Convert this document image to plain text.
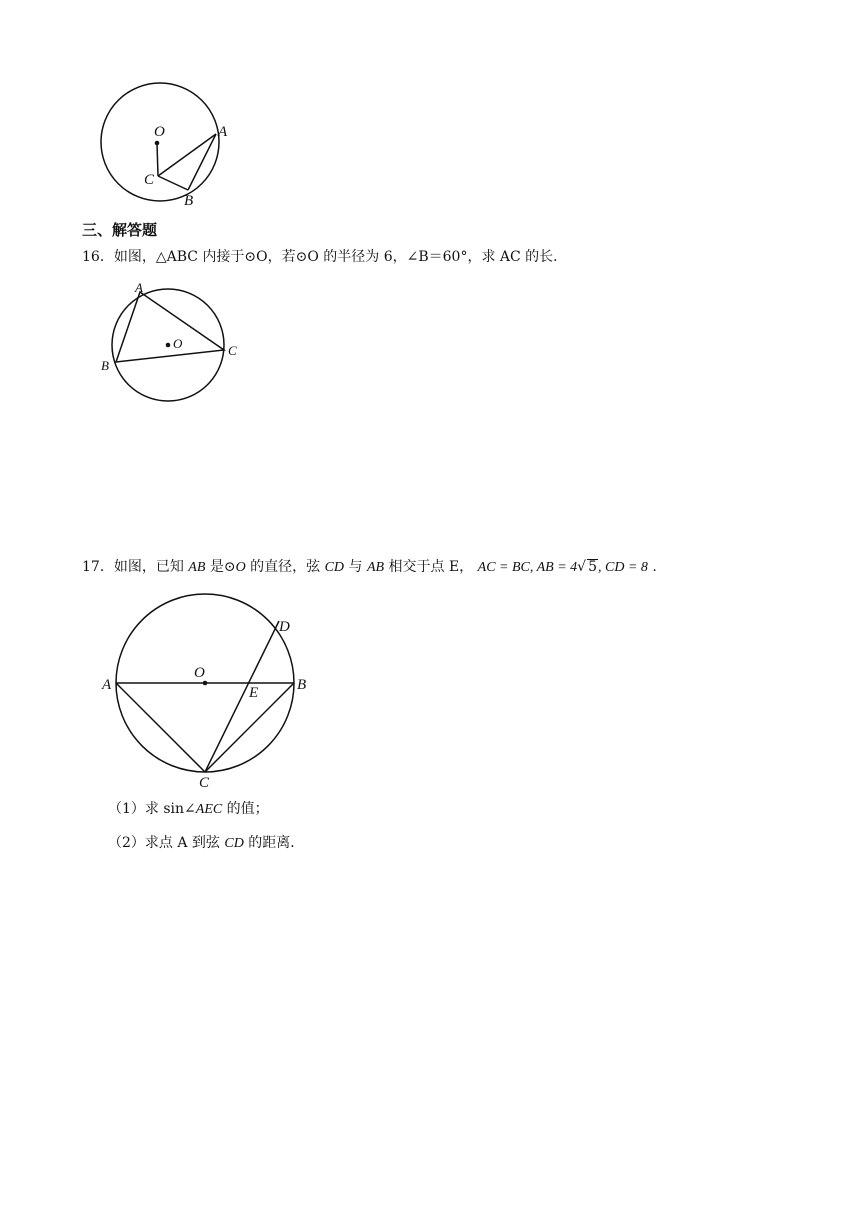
O	A
C
B
三、解答题
16．如图，△ABC 内接于⊙O，若⊙O 的半径为 6，∠B＝60°，求 AC 的长．
A
B
C
O
17．如图，已知 AB 是⊙O 的直径，弦 CD 与 AB 相交于点 E， AC = BC, AB = 4√ 5, CD = 8 .
O
A	B
E
D
C
（1）求 sin∠AEC 的值；
（2）求点 A 到弦 CD 的距离．
